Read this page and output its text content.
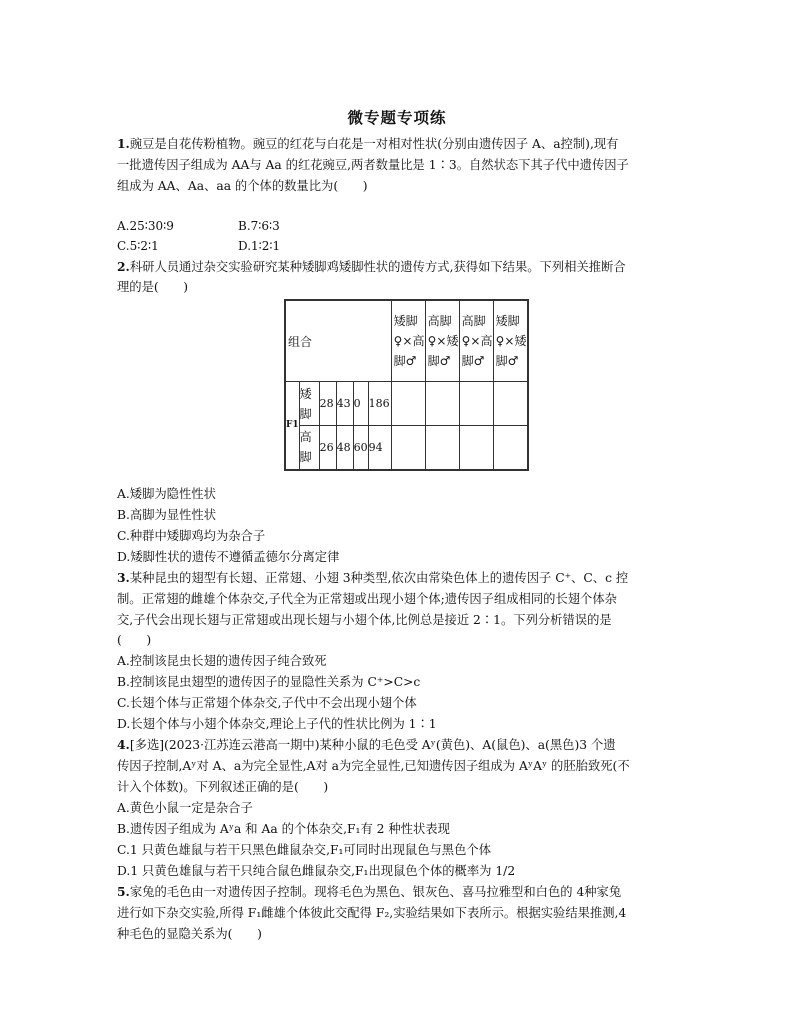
微专题专项练
1.豌豆是自花传粉植物。豌豆的红花与白花是一对相对性状(分别由遗传因子 A、a控制),现有
一批遗传因子组成为 AA与 Aa 的红花豌豆,两者数量比是 1∶3。自然状态下其子代中遗传因子
组成为 AA、Aa、aa 的个体的数量比为(　　)
A.25∶30∶9	B.7∶6∶3
C.5∶2∶1	D.1∶2∶1
2.科研人员通过杂交实验研究某种矮脚鸡矮脚性状的遗传方式,获得如下结果。下列相关推断合
理的是(　　)
组合						矮脚♀×高脚♂	高脚♀×矮脚♂	高脚♀×高脚♂	矮脚♀×矮脚♂
F1	矮脚	28	43	0	186				
	高脚	26	48	60	94				
A.矮脚为隐性性状
B.高脚为显性性状
C.种群中矮脚鸡均为杂合子
D.矮脚性状的遗传不遵循孟德尔分离定律
3.某种昆虫的翅型有长翅、正常翅、小翅 3种类型,依次由常染色体上的遗传因子 C⁺、C、c 控
制。正常翅的雌雄个体杂交,子代全为正常翅或出现小翅个体;遗传因子组成相同的长翅个体杂
交,子代会出现长翅与正常翅或出现长翅与小翅个体,比例总是接近 2∶1。下列分析错误的是
(　　)
A.控制该昆虫长翅的遗传因子纯合致死
B.控制该昆虫翅型的遗传因子的显隐性关系为 C⁺>C>c
C.长翅个体与正常翅个体杂交,子代中不会出现小翅个体
D.长翅个体与小翅个体杂交,理论上子代的性状比例为 1∶1
4.[多选](2023·江苏连云港高一期中)某种小鼠的毛色受 Aʸ(黄色)、A(鼠色)、a(黑色)3 个遗
传因子控制,Aʸ对 A、a为完全显性,A对 a为完全显性,已知遗传因子组成为 AʸAʸ 的胚胎致死(不
计入个体数)。下列叙述正确的是(　　)
A.黄色小鼠一定是杂合子
B.遗传因子组成为 Aʸa 和 Aa 的个体杂交,F₁有 2 种性状表现
C.1 只黄色雄鼠与若干只黑色雌鼠杂交,F₁可同时出现鼠色与黑色个体
D.1 只黄色雄鼠与若干只纯合鼠色雌鼠杂交,F₁出现鼠色个体的概率为 1/2
5.家兔的毛色由一对遗传因子控制。现将毛色为黑色、银灰色、喜马拉雅型和白色的 4种家兔
进行如下杂交实验,所得 F₁雌雄个体彼此交配得 F₂,实验结果如下表所示。根据实验结果推测,4
种毛色的显隐关系为(　　)
